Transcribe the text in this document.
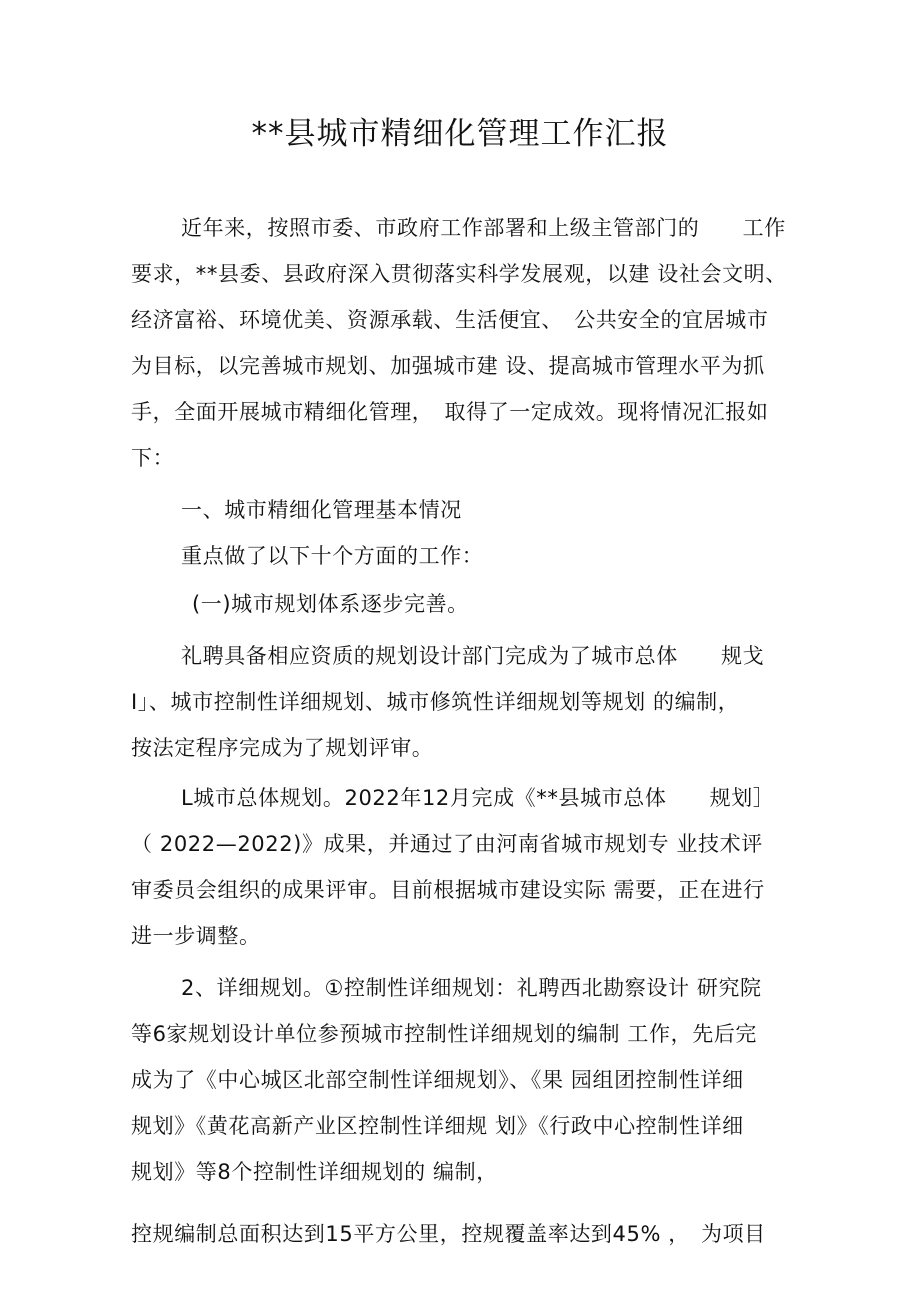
**县城市精细化管理工作汇报
近年来，按照市委、市政府工作部署和上级主管部门的　　工作
要求，**县委、县政府深入贯彻落实科学发展观，以建 设社会文明、
经济富裕、环境优美、资源承载、生活便宜、　公共安全的宜居城市
为目标，以完善城市规划、加强城市建 设、提高城市管理水平为抓
手，全面开展城市精细化管理，　取得了一定成效。现将情况汇报如
下：
一、城市精细化管理基本情况
重点做了以下十个方面的工作：
(一)城市规划体系逐步完善。
礼聘具备相应资质的规划设计部门完成为了城市总体　　规戈
I」、城市控制性详细规划、城市修筑性详细规划等规划 的编制，
按法定程序完成为了规划评审。
L城市总体规划。2022年12月完成《**县城市总体　　规划］
（ 2022—2022)》成果，并通过了由河南省城市规划专 业技术评
审委员会组织的成果评审。目前根据城市建设实际 需要，正在进行
进一步调整。
2、详细规划。①控制性详细规划：礼聘西北勘察设计 研究院
等6家规划设计单位参预城市控制性详细规划的编制 工作，先后完
成为了《中心城区北部空制性详细规划》、《果 园组团控制性详细
规划》《黄花高新产业区控制性详细规 划》《行政中心控制性详细
规划》等8个控制性详细规划的 编制，
控规编制总面积达到15平方公里，控规覆盖率达到45% ，　为项目
